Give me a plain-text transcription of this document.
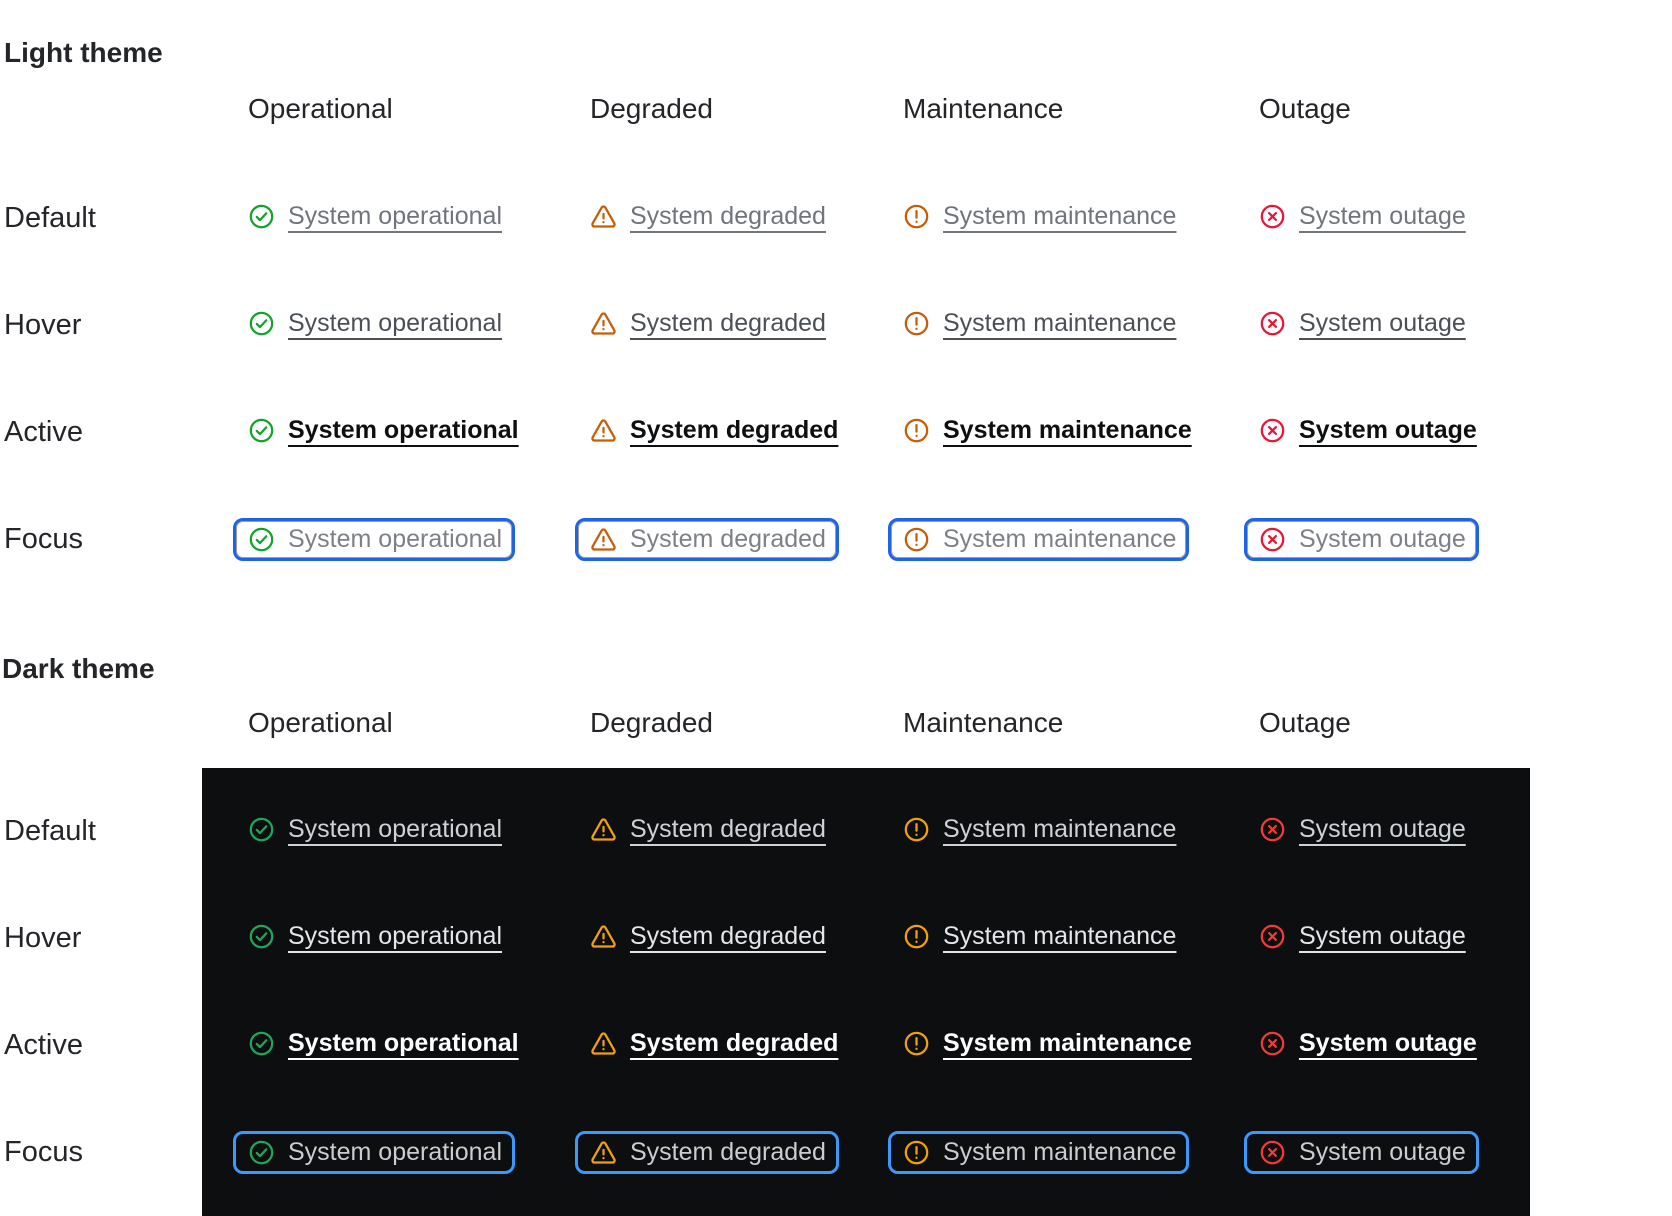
Light theme
Operational	Degraded	Maintenance	Outage
Default	System operational	System degraded	System maintenance	System outage
Hover	System operational	System degraded	System maintenance	System outage
Active	System operational	System degraded	System maintenance	System outage
Focus	System operational	System degraded	System maintenance	System outage
Dark theme
Operational	Degraded	Maintenance	Outage
Default	System operational	System degraded	System maintenance	System outage
Hover	System operational	System degraded	System maintenance	System outage
Active	System operational	System degraded	System maintenance	System outage
Focus	System operational	System degraded	System maintenance	System outage
